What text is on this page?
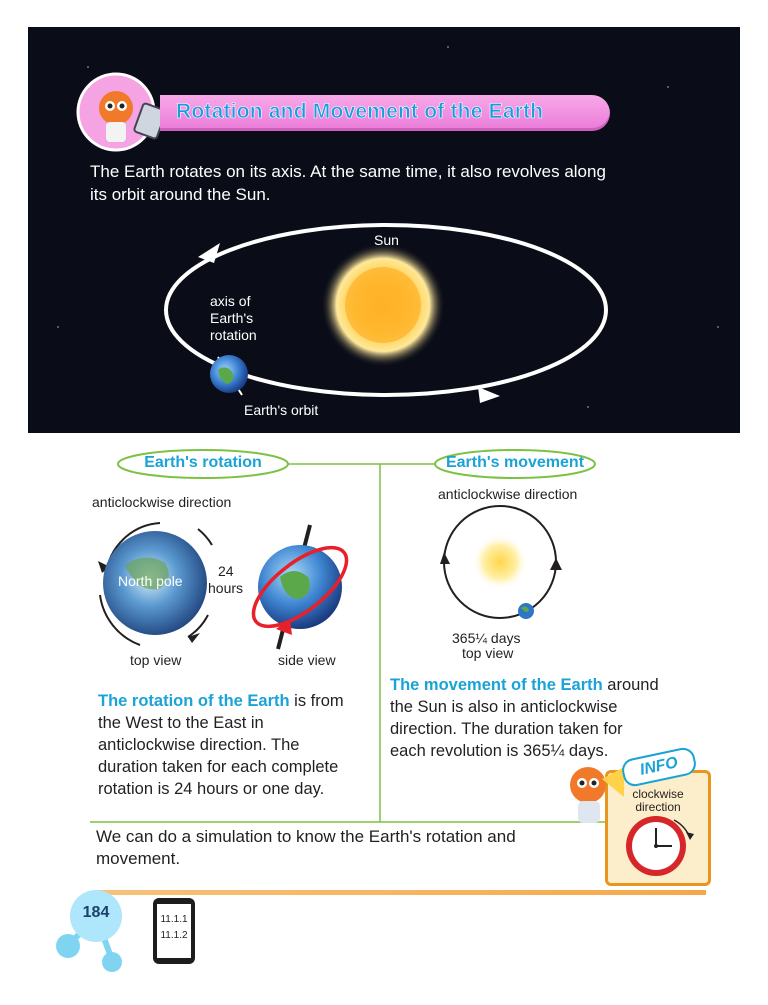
Rotation and Movement of the Earth
The Earth rotates on its axis. At the same time, it also revolves along its orbit around the Sun.
Sun
axis of
Earth's
rotation
Earth's orbit
Earth's rotation	Earth's movement
anticlockwise direction
North pole
24
hours
top view	side view
The rotation of the Earth is from the West to the East in anticlockwise direction. The duration taken for each complete rotation is 24 hours or one day.
anticlockwise direction
365¼ days
top view
The movement of the Earth around the Sun is also in anticlockwise direction. The duration taken for each revolution is 365¼ days.
INFO
clockwise
direction
We can do a simulation to know the Earth's rotation and movement.
184	11.1.1
11.1.2
